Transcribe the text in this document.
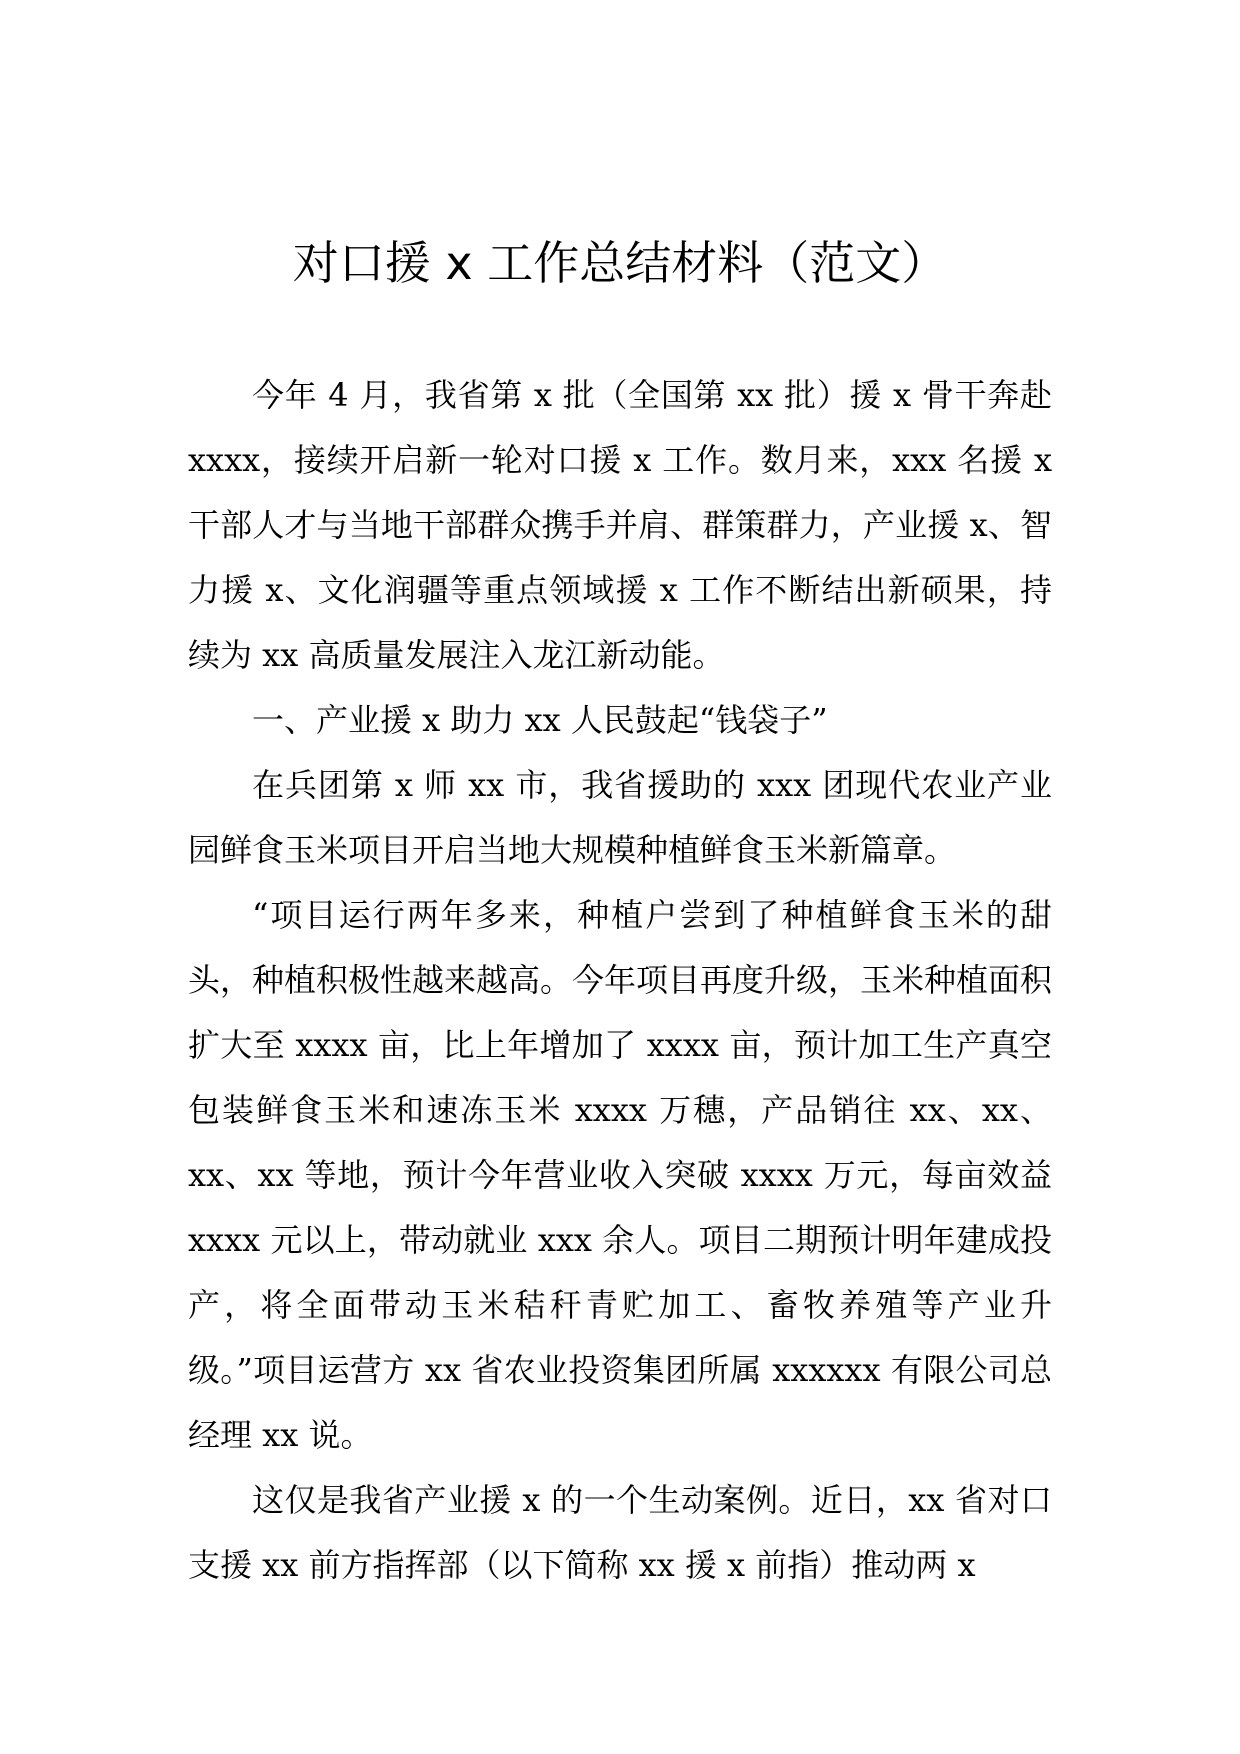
对口援 x 工作总结材料（范文）

今年 4 月，我省第 x 批（全国第 xx 批）援 x 骨干奔赴 xxxx，接续开启新一轮对口援 x 工作。数月来，xxx 名援 x 干部人才与当地干部群众携手并肩、群策群力，产业援 x、智力援 x、文化润疆等重点领域援 x 工作不断结出新硕果，持续为 xx 高质量发展注入龙江新动能。

一、产业援 x 助力 xx 人民鼓起“钱袋子”

在兵团第 x 师 xx 市，我省援助的 xxx 团现代农业产业园鲜食玉米项目开启当地大规模种植鲜食玉米新篇章。

“项目运行两年多来，种植户尝到了种植鲜食玉米的甜头，种植积极性越来越高。今年项目再度升级，玉米种植面积扩大至 xxxx 亩，比上年增加了 xxxx 亩，预计加工生产真空包装鲜食玉米和速冻玉米 xxxx 万穗，产品销往 xx、xx、xx、xx 等地，预计今年营业收入突破 xxxx 万元，每亩效益 xxxx 元以上，带动就业 xxx 余人。项目二期预计明年建成投产，将全面带动玉米秸秆青贮加工、畜牧养殖等产业升级。”项目运营方 xx 省农业投资集团所属 xxxxxx 有限公司总经理 xx 说。

这仅是我省产业援 x 的一个生动案例。近日，xx 省对口支援 xx 前方指挥部（以下简称 xx 援 x 前指）推动两 x
